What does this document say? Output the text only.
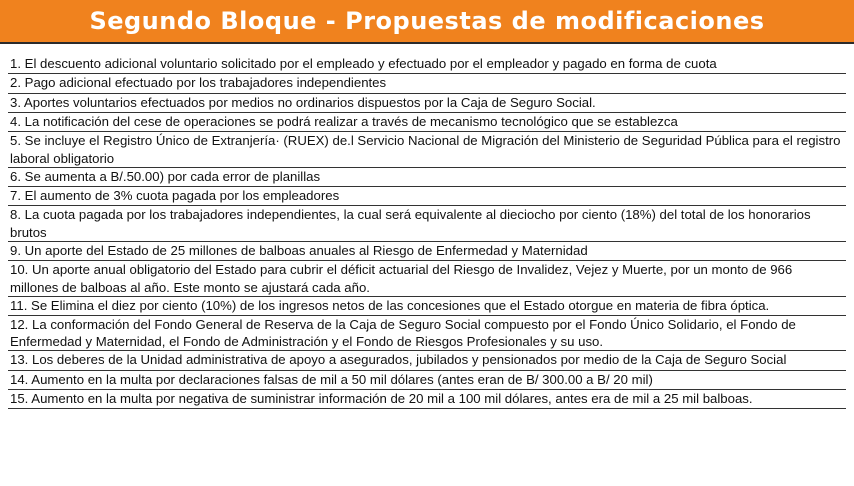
Segundo Bloque - Propuestas de modificaciones
1. El descuento adicional voluntario solicitado por el empleado y efectuado por el empleador y pagado en forma de cuota
2. Pago adicional efectuado por los trabajadores independientes
3. Aportes voluntarios efectuados por medios no ordinarios dispuestos por la Caja de Seguro Social.
4. La notificación del cese de operaciones se podrá realizar a través de mecanismo tecnológico que se establezca
5. Se incluye el Registro Único de Extranjería· (RUEX) de.l Servicio Nacional de Migración del Ministerio de Seguridad Pública para el registro laboral obligatorio
6. Se aumenta a B/.50.00) por cada error de planillas
7. El aumento de 3% cuota pagada por los empleadores
8. La cuota pagada por los trabajadores independientes, la cual será equivalente al dieciocho por ciento (18%) del total de los honorarios brutos
9. Un aporte del Estado de 25 millones de balboas anuales al Riesgo de Enfermedad y Maternidad
10. Un aporte anual obligatorio del Estado para cubrir el déficit actuarial del Riesgo de Invalidez, Vejez y Muerte, por un monto de 966 millones de balboas al año. Este monto se ajustará cada año.
11. Se Elimina el diez por ciento (10%) de los ingresos netos de las concesiones que el Estado otorgue en materia de fibra óptica.
12. La conformación del Fondo General de Reserva de la Caja de Seguro Social compuesto por el Fondo Único Solidario, el Fondo de Enfermedad y Maternidad, el Fondo de Administración y el Fondo de Riesgos Profesionales y su uso.
13. Los deberes de la Unidad administrativa de apoyo a asegurados, jubilados y pensionados por medio de la Caja de Seguro Social
14. Aumento en la multa por declaraciones falsas de mil a 50 mil dólares (antes eran de B/ 300.00 a B/ 20 mil)
15. Aumento en la multa por negativa de suministrar información de 20 mil a 100 mil dólares, antes era de mil a 25 mil balboas.
